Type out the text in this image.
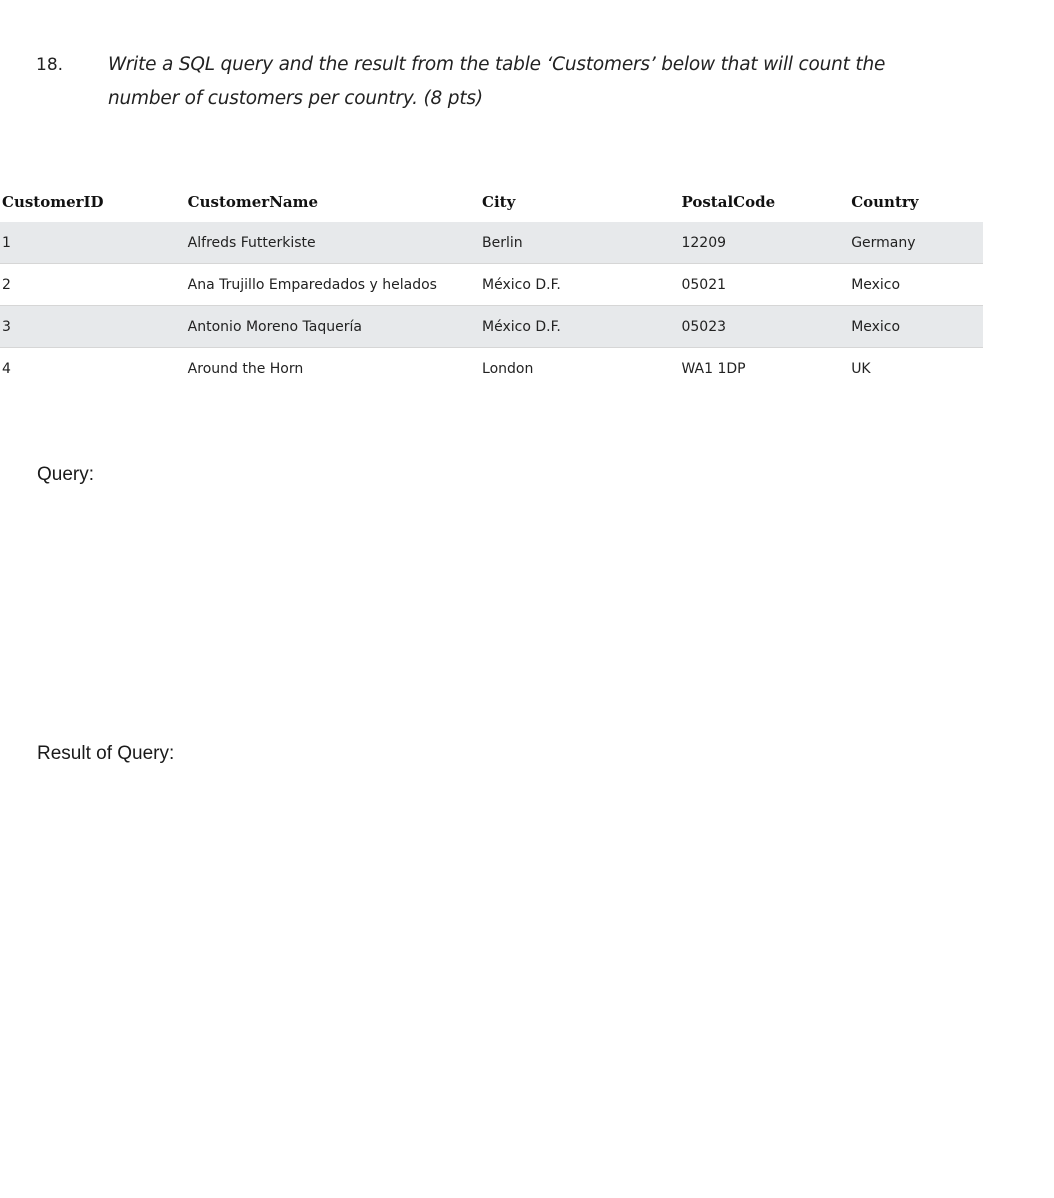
18. Write a SQL query and the result from the table ‘Customers’ below that will count the
number of customers per country. (8 pts)
CustomerID	CustomerName	City	PostalCode	Country
1	Alfreds Futterkiste	Berlin	12209	Germany
2	Ana Trujillo Emparedados y helados	México D.F.	05021	Mexico
3	Antonio Moreno Taquería	México D.F.	05023	Mexico
4	Around the Horn	London	WA1 1DP	UK
Query:
Result of Query:
